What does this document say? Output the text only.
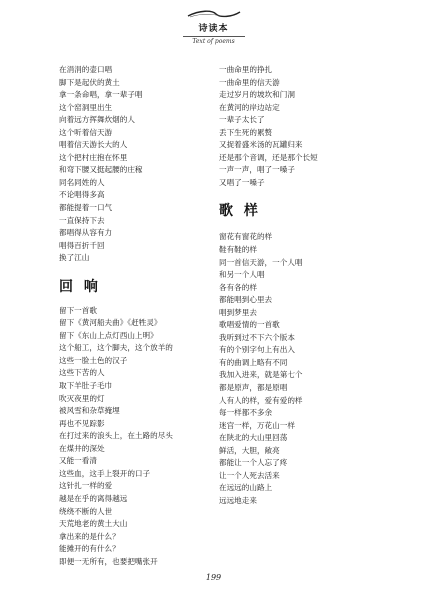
诗读本
Text of poems
在涓涓的壶口唱
脚下是起伏的黄土
拿一条命唱，拿一辈子唱
这个窑洞里出生
向着远方挥舞炊烟的人
这个听着信天游
唱着信天游长大的人
这个把村庄抱在怀里
和弯下腰又挺起腰的庄稼
同名同姓的人
不论唱得多高
都能提着一口气
一直保持下去
都唱得从容有力
唱得百折千回
换了江山
回 响
留下一首歌
留下《黄河船夫曲》《赶牲灵》
留下《东山上点灯西山上明》
这个船工，这个脚夫，这个放羊的
这些一脸土色的汉子
这些下苦的人
取下羊肚子毛巾
吹灭夜里的灯
被风雪和杂草掩埋
再也不见踪影
在打过来的浪头上，在土路的尽头
在煤井的深处
又能一看清
这些血，这手上裂开的口子
这针扎一样的爱
越是在乎的离得越远
绕绕不断的人世
天荒地老的黄土大山
拿出来的是什么？
能摊开的有什么？
即便一无所有，也要把嘴张开
一曲命里的挣扎
一曲命里的信天游
走过岁月的坡坎和门洞
在黄河的岸边站定
一辈子太长了
丢下生死的累赘
又捉着盛米汤的瓦罐归来
还是那个音调，还是那个长短
一声一声，唱了一嗓子
又唱了一嗓子
歌 样
窗花有窗花的样
鞋有鞋的样
同一首信天游，一个人唱
和另一个人唱
各有各的样
都能唱到心里去
唱到梦里去
歌唱爱情的一首歌
我听到过不下六个版本
有的个别字句上有出入
有的曲调上略有不同
我加入进来，就是第七个
都是原声，都是原唱
人有人的样，爱有爱的样
每一样都不多余
迷宫一样，万花山一样
在陕北的大山里回荡
鲜活，大胆，敞亮
都能让一个人忘了疼
让一个人死去活来
在远远的山路上
远远地走来
199
